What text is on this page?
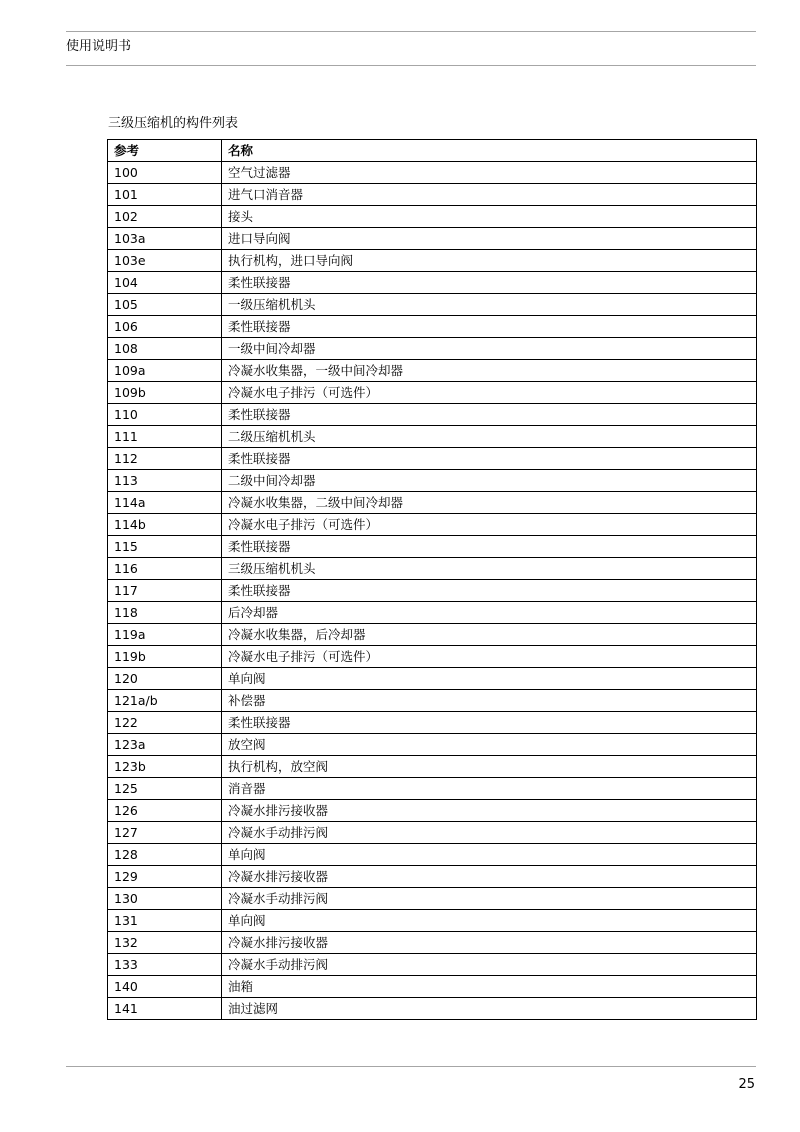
使用说明书
三级压缩机的构件列表
参考	名称
100	空气过滤器
101	进气口消音器
102	接头
103a	进口导向阀
103e	执行机构，进口导向阀
104	柔性联接器
105	一级压缩机机头
106	柔性联接器
108	一级中间冷却器
109a	冷凝水收集器，一级中间冷却器
109b	冷凝水电子排污（可选件）
110	柔性联接器
111	二级压缩机机头
112	柔性联接器
113	二级中间冷却器
114a	冷凝水收集器，二级中间冷却器
114b	冷凝水电子排污（可选件）
115	柔性联接器
116	三级压缩机机头
117	柔性联接器
118	后冷却器
119a	冷凝水收集器，后冷却器
119b	冷凝水电子排污（可选件）
120	单向阀
121a/b	补偿器
122	柔性联接器
123a	放空阀
123b	执行机构，放空阀
125	消音器
126	冷凝水排污接收器
127	冷凝水手动排污阀
128	单向阀
129	冷凝水排污接收器
130	冷凝水手动排污阀
131	单向阀
132	冷凝水排污接收器
133	冷凝水手动排污阀
140	油箱
141	油过滤网
25
